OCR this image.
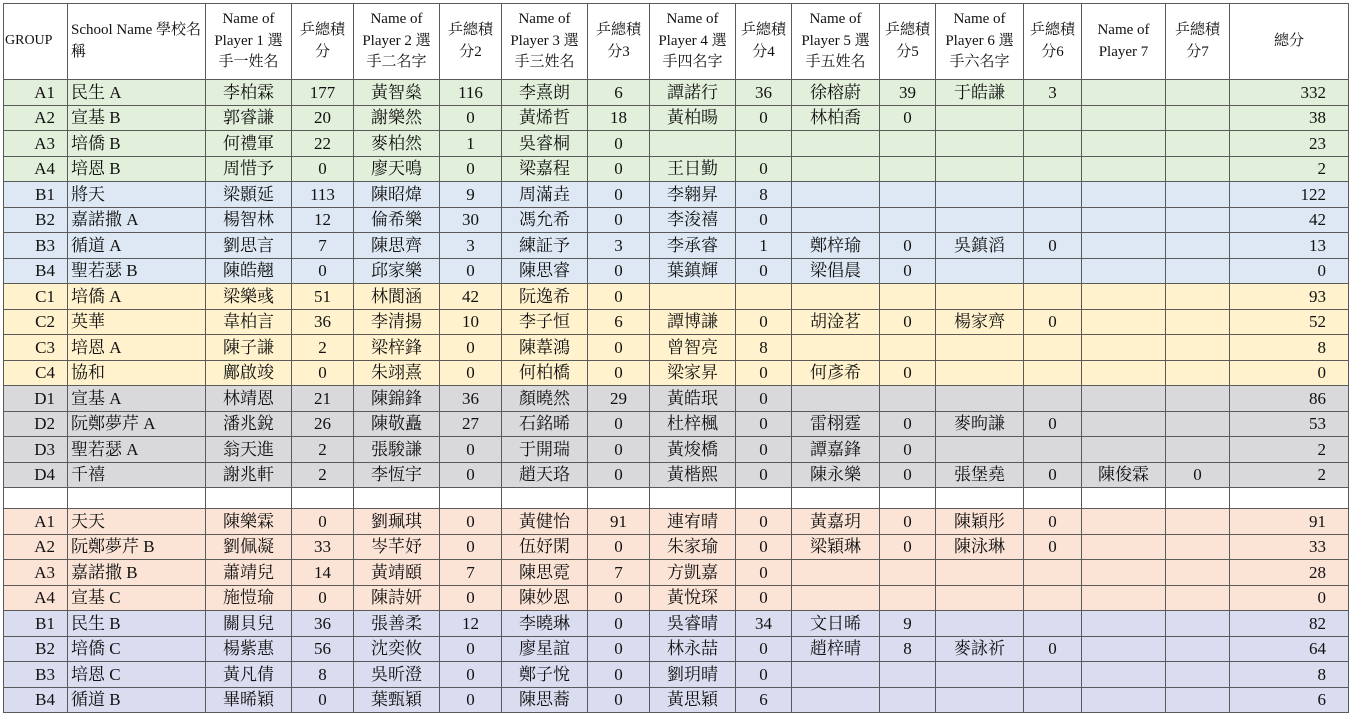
GROUP	School Name 學校名稱	Name of Player 1 選手一姓名	乒總積分	Name of Player 2 選手二名字	乒總積分2	Name of Player 3 選手三姓名	乒總積分3	Name of Player 4 選手四名字	乒總積分4	Name of Player 5 選手五姓名	乒總積分5	Name of Player 6 選手六名字	乒總積分6	Name of Player 7	乒總積分7	總分
A1	民生 A	李柏霖	177	黃智燊	116	李熹朗	6	譚諾行	36	徐榕蔚	39	于皓謙	3			332
A2	宣基 B	郭睿謙	20	謝樂然	0	黃烯哲	18	黃柏暘	0	林柏喬	0					38
A3	培僑 B	何禮軍	22	麥柏然	1	吳睿桐	0									23
A4	培恩 B	周惜予	0	廖天鳴	0	梁嘉程	0	王日勤	0							2
B1	將天	梁顥延	113	陳昭煒	9	周滿垚	0	李翱昇	8							122
B2	嘉諾撒 A	楊智林	12	倫希樂	30	馮允希	0	李浚禧	0							42
B3	循道 A	劉思言	7	陳思齊	3	練証予	3	李承睿	1	鄭梓瑜	0	吳鎮滔	0			13
B4	聖若瑟 B	陳皓翹	0	邱家樂	0	陳思睿	0	葉鎮輝	0	梁倡晨	0					0
C1	培僑 A	梁樂彧	51	林閬涵	42	阮逸希	0									93
C2	英華	韋柏言	36	李清揚	10	李子恒	6	譚博謙	0	胡淦茗	0	楊家齊	0			52
C3	培恩 A	陳子謙	2	梁梓鋒	0	陳葦鴻	0	曾智亮	8							8
C4	協和	鄺啟竣	0	朱翊熹	0	何柏橋	0	梁家昇	0	何彥希	0					0
D1	宣基 A	林靖恩	21	陳錦鋒	36	顏曉然	29	黃皓珉	0							86
D2	阮鄭夢芹 A	潘兆銳	26	陳敬矗	27	石銘晞	0	杜梓楓	0	雷栩霆	0	麥昫謙	0			53
D3	聖若瑟 A	翁天進	2	張駿謙	0	于開瑞	0	黃焌橋	0	譚嘉鋒	0					2
D4	千禧	謝兆軒	2	李恆宇	0	趙天珞	0	黃楷熙	0	陳永樂	0	張堡堯	0	陳俊霖	0	2

A1	天天	陳樂霖	0	劉珮琪	0	黃健怡	91	連宥晴	0	黃嘉玥	0	陳穎彤	0			91
A2	阮鄭夢芹 B	劉佩凝	33	岑芊妤	0	伍妤閑	0	朱家瑜	0	梁穎琳	0	陳泳琳	0			33
A3	嘉諾撒 B	蕭靖兒	14	黃靖頤	7	陳思霓	7	方凱嘉	0							28
A4	宣基 C	施愷瑜	0	陳詩妍	0	陳妙恩	0	黃悅琛	0							0
B1	民生 B	關貝兒	36	張善柔	12	李曉琳	0	吳睿晴	34	文日晞	9					82
B2	培僑 C	楊紫惠	56	沈奕攸	0	廖星誼	0	林永喆	0	趙梓晴	8	麥詠祈	0			64
B3	培恩 C	黃凡倩	8	吳昕澄	0	鄭子悅	0	劉玥晴	0							8
B4	循道 B	畢晞穎	0	葉甄穎	0	陳思蕎	0	黃思穎	6							6
